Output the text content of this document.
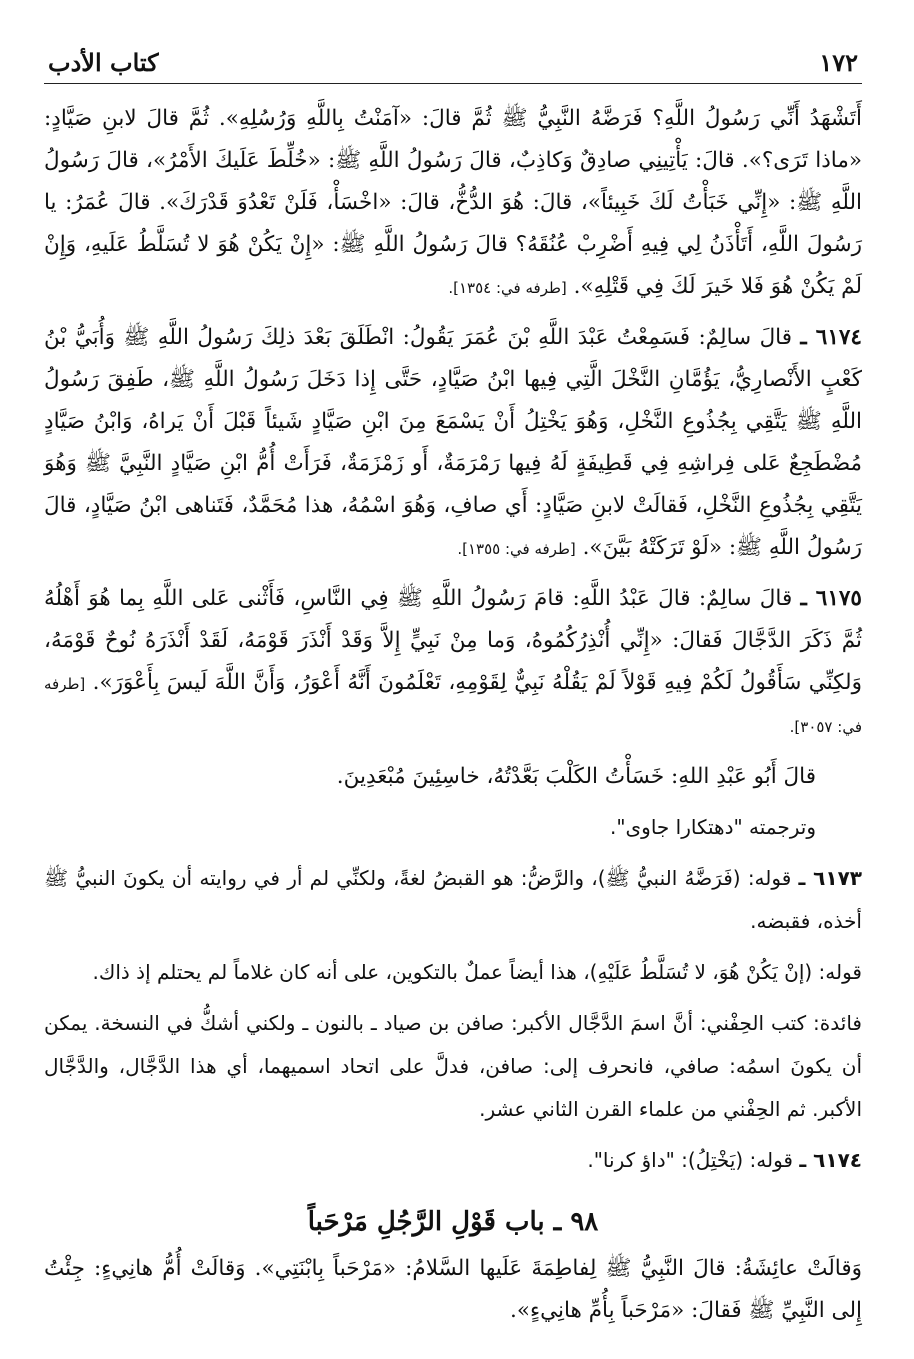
١٧٢
كتاب الأدب

أَتَشْهَدُ أَنِّي رَسُولُ اللَّهِ؟ فَرَضَّهُ النَّبِيُّ ﷺ ثُمَّ قالَ: «آمَنْتُ بِاللَّهِ وَرُسُلِهِ». ثُمَّ قالَ لابنِ صَيَّادٍ: «ماذا تَرَى؟». قالَ: يَأْتِينِي صادِقٌ وَكاذِبٌ، قالَ رَسُولُ اللَّهِ ﷺ: «خُلِّطَ عَلَيكَ الأَمْرُ»، قالَ رَسُولُ اللَّهِ ﷺ: «إِنِّي خَبَأْتُ لَكَ خَبِيئاً»، قالَ: هُوَ الدُّخُّ، قالَ: «اخْسَأْ، فَلَنْ تَعْدُوَ قَدْرَكَ». قالَ عُمَرُ: يا رَسُولَ اللَّهِ، أَتَأْذَنُ لِي فِيهِ أَضْرِبْ عُنُقَهُ؟ قالَ رَسُولُ اللَّهِ ﷺ: «إِنْ يَكُنْ هُوَ لا تُسَلَّطُ عَلَيهِ، وَإِنْ لَمْ يَكُنْ هُوَ فَلا خَيرَ لَكَ فِي قَتْلِهِ». [طرفه في: ١٣٥٤].

٦١٧٤ ـ قالَ سالِمٌ: فَسَمِعْتُ عَبْدَ اللَّهِ بْنَ عُمَرَ يَقُولُ: انْطَلَقَ بَعْدَ ذلِكَ رَسُولُ اللَّهِ ﷺ وَأُبَيُّ بْنُ كَعْبٍ الأَنْصارِيُّ، يَؤُمَّانِ النَّخْلَ الَّتِي فِيها ابْنُ صَيَّادٍ، حَتَّى إِذا دَخَلَ رَسُولُ اللَّهِ ﷺ، طَفِقَ رَسُولُ اللَّهِ ﷺ يَتَّقِي بِجُذُوعِ النَّخْلِ، وَهُوَ يَخْتِلُ أَنْ يَسْمَعَ مِنَ ابْنِ صَيَّادٍ شَيئاً قَبْلَ أَنْ يَراهُ، وَابْنُ صَيَّادٍ مُضْطَجِعٌ عَلى فِراشِهِ فِي قَطِيفَةٍ لَهُ فِيها رَمْرَمَةٌ، أَو زَمْزَمَةٌ، فَرَأَتْ أُمُّ ابْنِ صَيَّادٍ النَّبِيَّ ﷺ وَهُوَ يَتَّقِي بِجُذُوعِ النَّخْلِ، فَقالَتْ لابنِ صَيَّادٍ: أَي صافِ، وَهُوَ اسْمُهُ، هذا مُحَمَّدٌ، فَتَناهى ابْنُ صَيَّادٍ، قالَ رَسُولُ اللَّهِ ﷺ: «لَوْ تَرَكَتْهُ بَيَّنَ». [طرفه في: ١٣٥٥].

٦١٧٥ ـ قالَ سالِمٌ: قالَ عَبْدُ اللَّهِ: قامَ رَسُولُ اللَّهِ ﷺ فِي النَّاسِ، فَأَثْنى عَلى اللَّهِ بِما هُوَ أَهْلُهُ ثُمَّ ذَكَرَ الدَّجَّالَ فَقالَ: «إِنِّي أُنْذِرُكُمُوهُ، وَما مِنْ نَبِيٍّ إِلاَّ وَقَدْ أَنْذَرَ قَوْمَهُ، لَقَدْ أَنْذَرَهُ نُوحٌ قَوْمَهُ، وَلكِنِّي سَأَقُولُ لَكُمْ فِيهِ قَوْلاً لَمْ يَقُلْهُ نَبِيٌّ لِقَوْمِهِ، تَعْلَمُونَ أَنَّهُ أَعْوَرُ، وَأَنَّ اللَّهَ لَيسَ بِأَعْوَرَ». [طرفه في: ٣٠٥٧].

قالَ أَبُو عَبْدِ اللهِ: خَسَأْتُ الكَلْبَ بَعَّدْتُهُ، خاسِئِينَ مُبْعَدِينَ.

وترجمته "دهتكارا جاوى".

٦١٧٣ ـ قوله: (فَرَضَّهُ النبيُّ ﷺ)، والرَّضُّ: هو القبضُ لغةً، ولكنِّي لم أر في روايته أن يكونَ النبيُّ ﷺ أخذه، فقبضه.

قوله: (إنْ يَكُنْ هُوَ، لا تُسَلَّطُ عَلَيْهِ)، هذا أيضاً عملٌ بالتكوين، على أنه كان غلاماً لم يحتلم إذ ذاك.

فائدة: كتب الحِفْني: أنَّ اسمَ الدَّجَّال الأكبر: صافن بن صياد ـ بالنون ـ ولكني أشكُّ في النسخة. يمكن أن يكونَ اسمُه: صافي، فانحرف إلى: صافن، فدلَّ على اتحاد اسميهما، أي هذا الدَّجَّال، والدَّجَّال الأكبر. ثم الحِفْني من علماء القرن الثاني عشر.

٦١٧٤ ـ قوله: (يَخْتِلُ): "داؤ كرنا".

٩٨ ـ باب قَوْلِ الرَّجُلِ مَرْحَباً

وَقالَتْ عائِشَةُ: قالَ النَّبِيُّ ﷺ لِفاطِمَةَ عَلَيها السَّلامُ: «مَرْحَباً بِابْنَتِي». وَقالَتْ أُمُّ هانِيءٍ: جِئْتُ إِلى النَّبِيِّ ﷺ فَقالَ: «مَرْحَباً بِأُمِّ هانِيءٍ».
